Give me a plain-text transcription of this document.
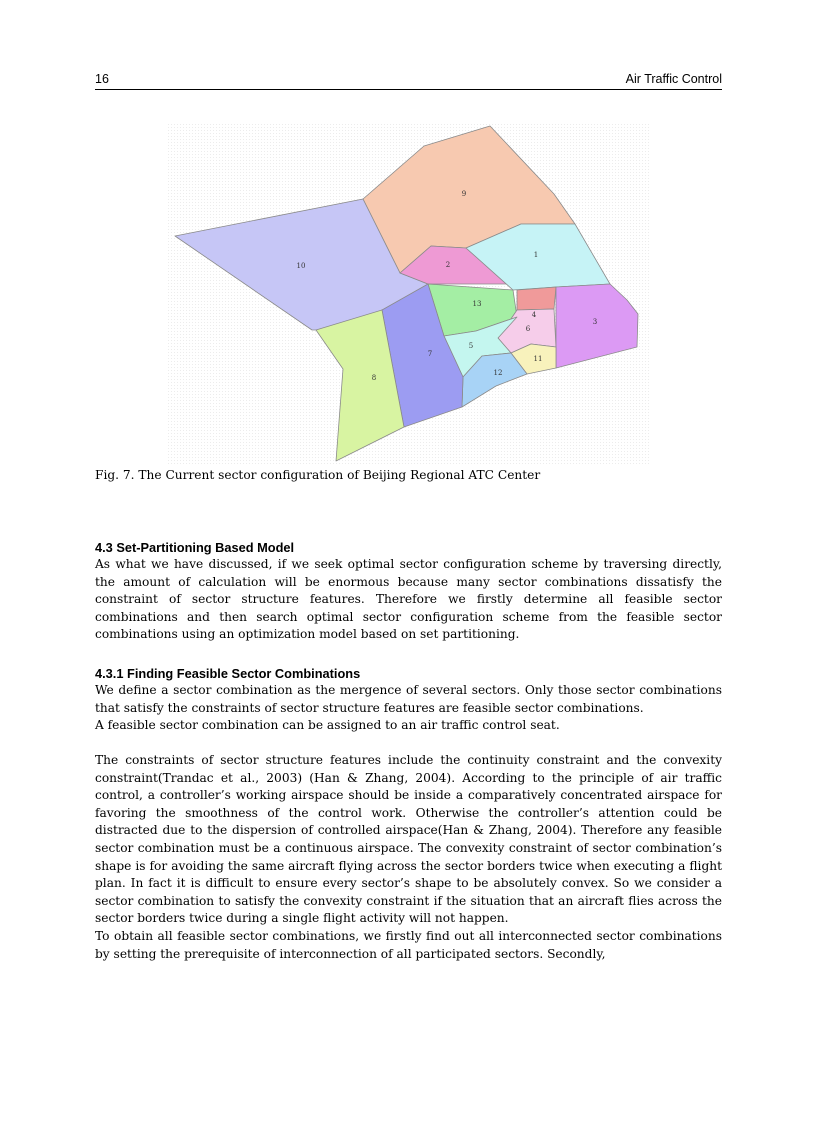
16	Air Traffic Control
9
10	2
1
13
4
6
3
5
11
12
7
8
Fig. 7. The Current sector configuration of Beijing Regional ATC Center
4.3 Set-Partitioning Based Model

As what we have discussed, if we seek optimal sector configuration scheme by traversing directly, the amount of calculation will be enormous because many sector combinations dissatisfy the constraint of sector structure features. Therefore we firstly determine all feasible sector combinations and then search optimal sector configuration scheme from the feasible sector combinations using an optimization model based on set partitioning.

4.3.1 Finding Feasible Sector Combinations

We define a sector combination as the mergence of several sectors. Only those sector combinations that satisfy the constraints of sector structure features are feasible sector combinations.

A feasible sector combination can be assigned to an air traffic control seat.

The constraints of sector structure features include the continuity constraint and the convexity constraint(Trandac et al., 2003) (Han & Zhang, 2004). According to the principle of air traffic control, a controller’s working airspace should be inside a comparatively concentrated airspace for favoring the smoothness of the control work. Otherwise the controller’s attention could be distracted due to the dispersion of controlled airspace(Han & Zhang, 2004). Therefore any feasible sector combination must be a continuous airspace. The convexity constraint of sector combination’s shape is for avoiding the same aircraft flying across the sector borders twice when executing a flight plan. In fact it is difficult to ensure every sector’s shape to be absolutely convex. So we consider a sector combination to satisfy the convexity constraint if the situation that an aircraft flies across the sector borders twice during a single flight activity will not happen.

To obtain all feasible sector combinations, we firstly find out all interconnected sector combinations by setting the prerequisite of interconnection of all participated sectors. Secondly,
